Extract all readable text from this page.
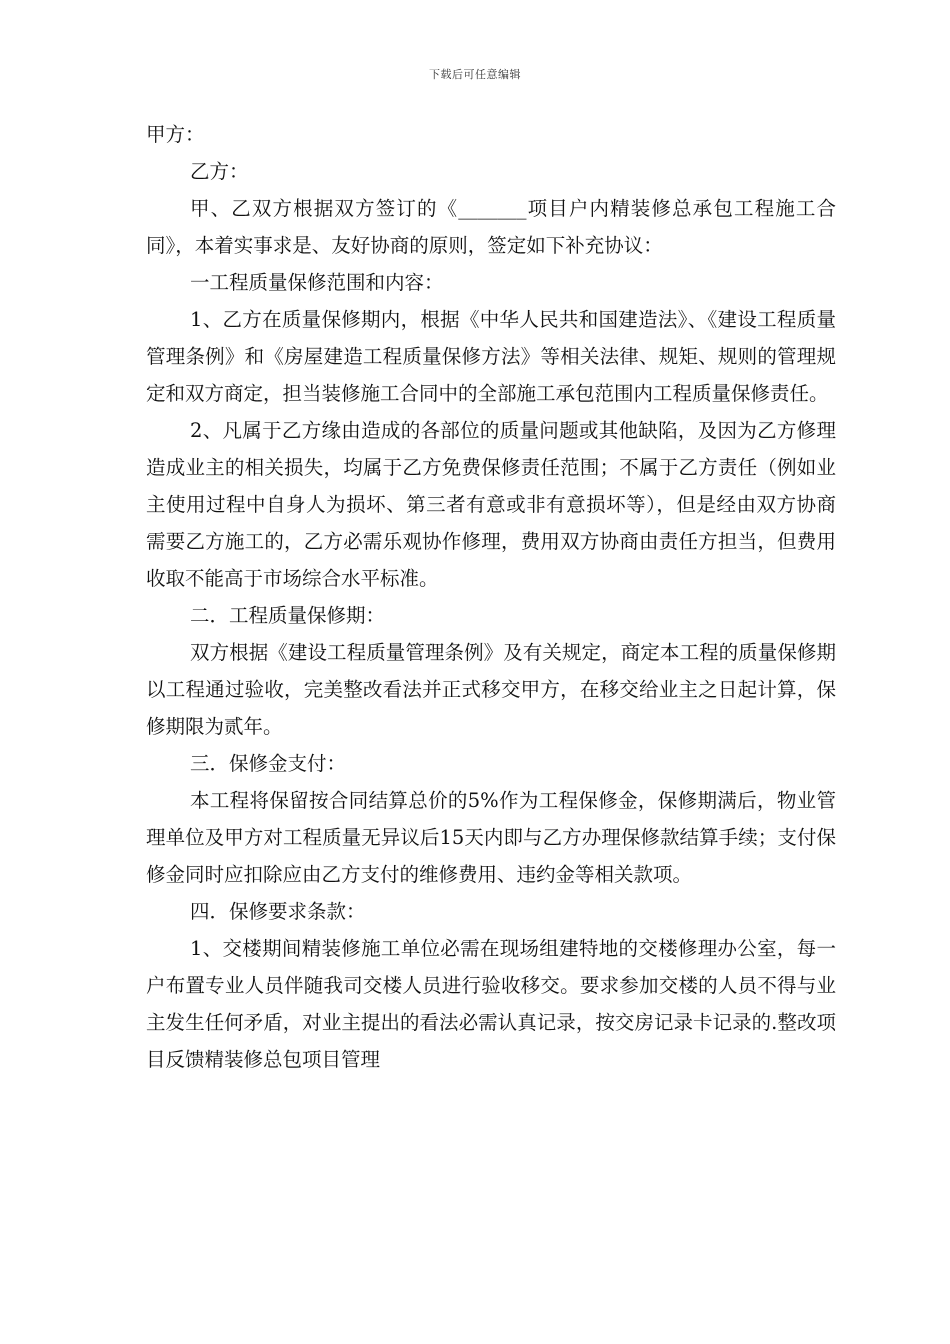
下载后可任意编辑

甲方：

乙方：

甲、乙双方根据双方签订的《_______项目户内精装修总承包工程施工合同》，本着实事求是、友好协商的原则，签定如下补充协议：

一工程质量保修范围和内容：

1、乙方在质量保修期内，根据《中华人民共和国建造法》、《建设工程质量管理条例》和《房屋建造工程质量保修方法》等相关法律、规矩、规则的管理规定和双方商定，担当装修施工合同中的全部施工承包范围内工程质量保修责任。

2、凡属于乙方缘由造成的各部位的质量问题或其他缺陷，及因为乙方修理造成业主的相关损失，均属于乙方免费保修责任范围；不属于乙方责任（例如业主使用过程中自身人为损坏、第三者有意或非有意损坏等），但是经由双方协商需要乙方施工的，乙方必需乐观协作修理，费用双方协商由责任方担当，但费用收取不能高于市场综合水平标准。

二．工程质量保修期：

双方根据《建设工程质量管理条例》及有关规定，商定本工程的质量保修期以工程通过验收，完美整改看法并正式移交甲方，在移交给业主之日起计算，保修期限为贰年。

三．保修金支付：

本工程将保留按合同结算总价的5%作为工程保修金，保修期满后，物业管理单位及甲方对工程质量无异议后15天内即与乙方办理保修款结算手续；支付保修金同时应扣除应由乙方支付的维修费用、违约金等相关款项。

四．保修要求条款：

1、交楼期间精装修施工单位必需在现场组建特地的交楼修理办公室，每一户布置专业人员伴随我司交楼人员进行验收移交。要求参加交楼的人员不得与业主发生任何矛盾，对业主提出的看法必需认真记录，按交房记录卡记录的.整改项目反馈精装修总包项目管理
